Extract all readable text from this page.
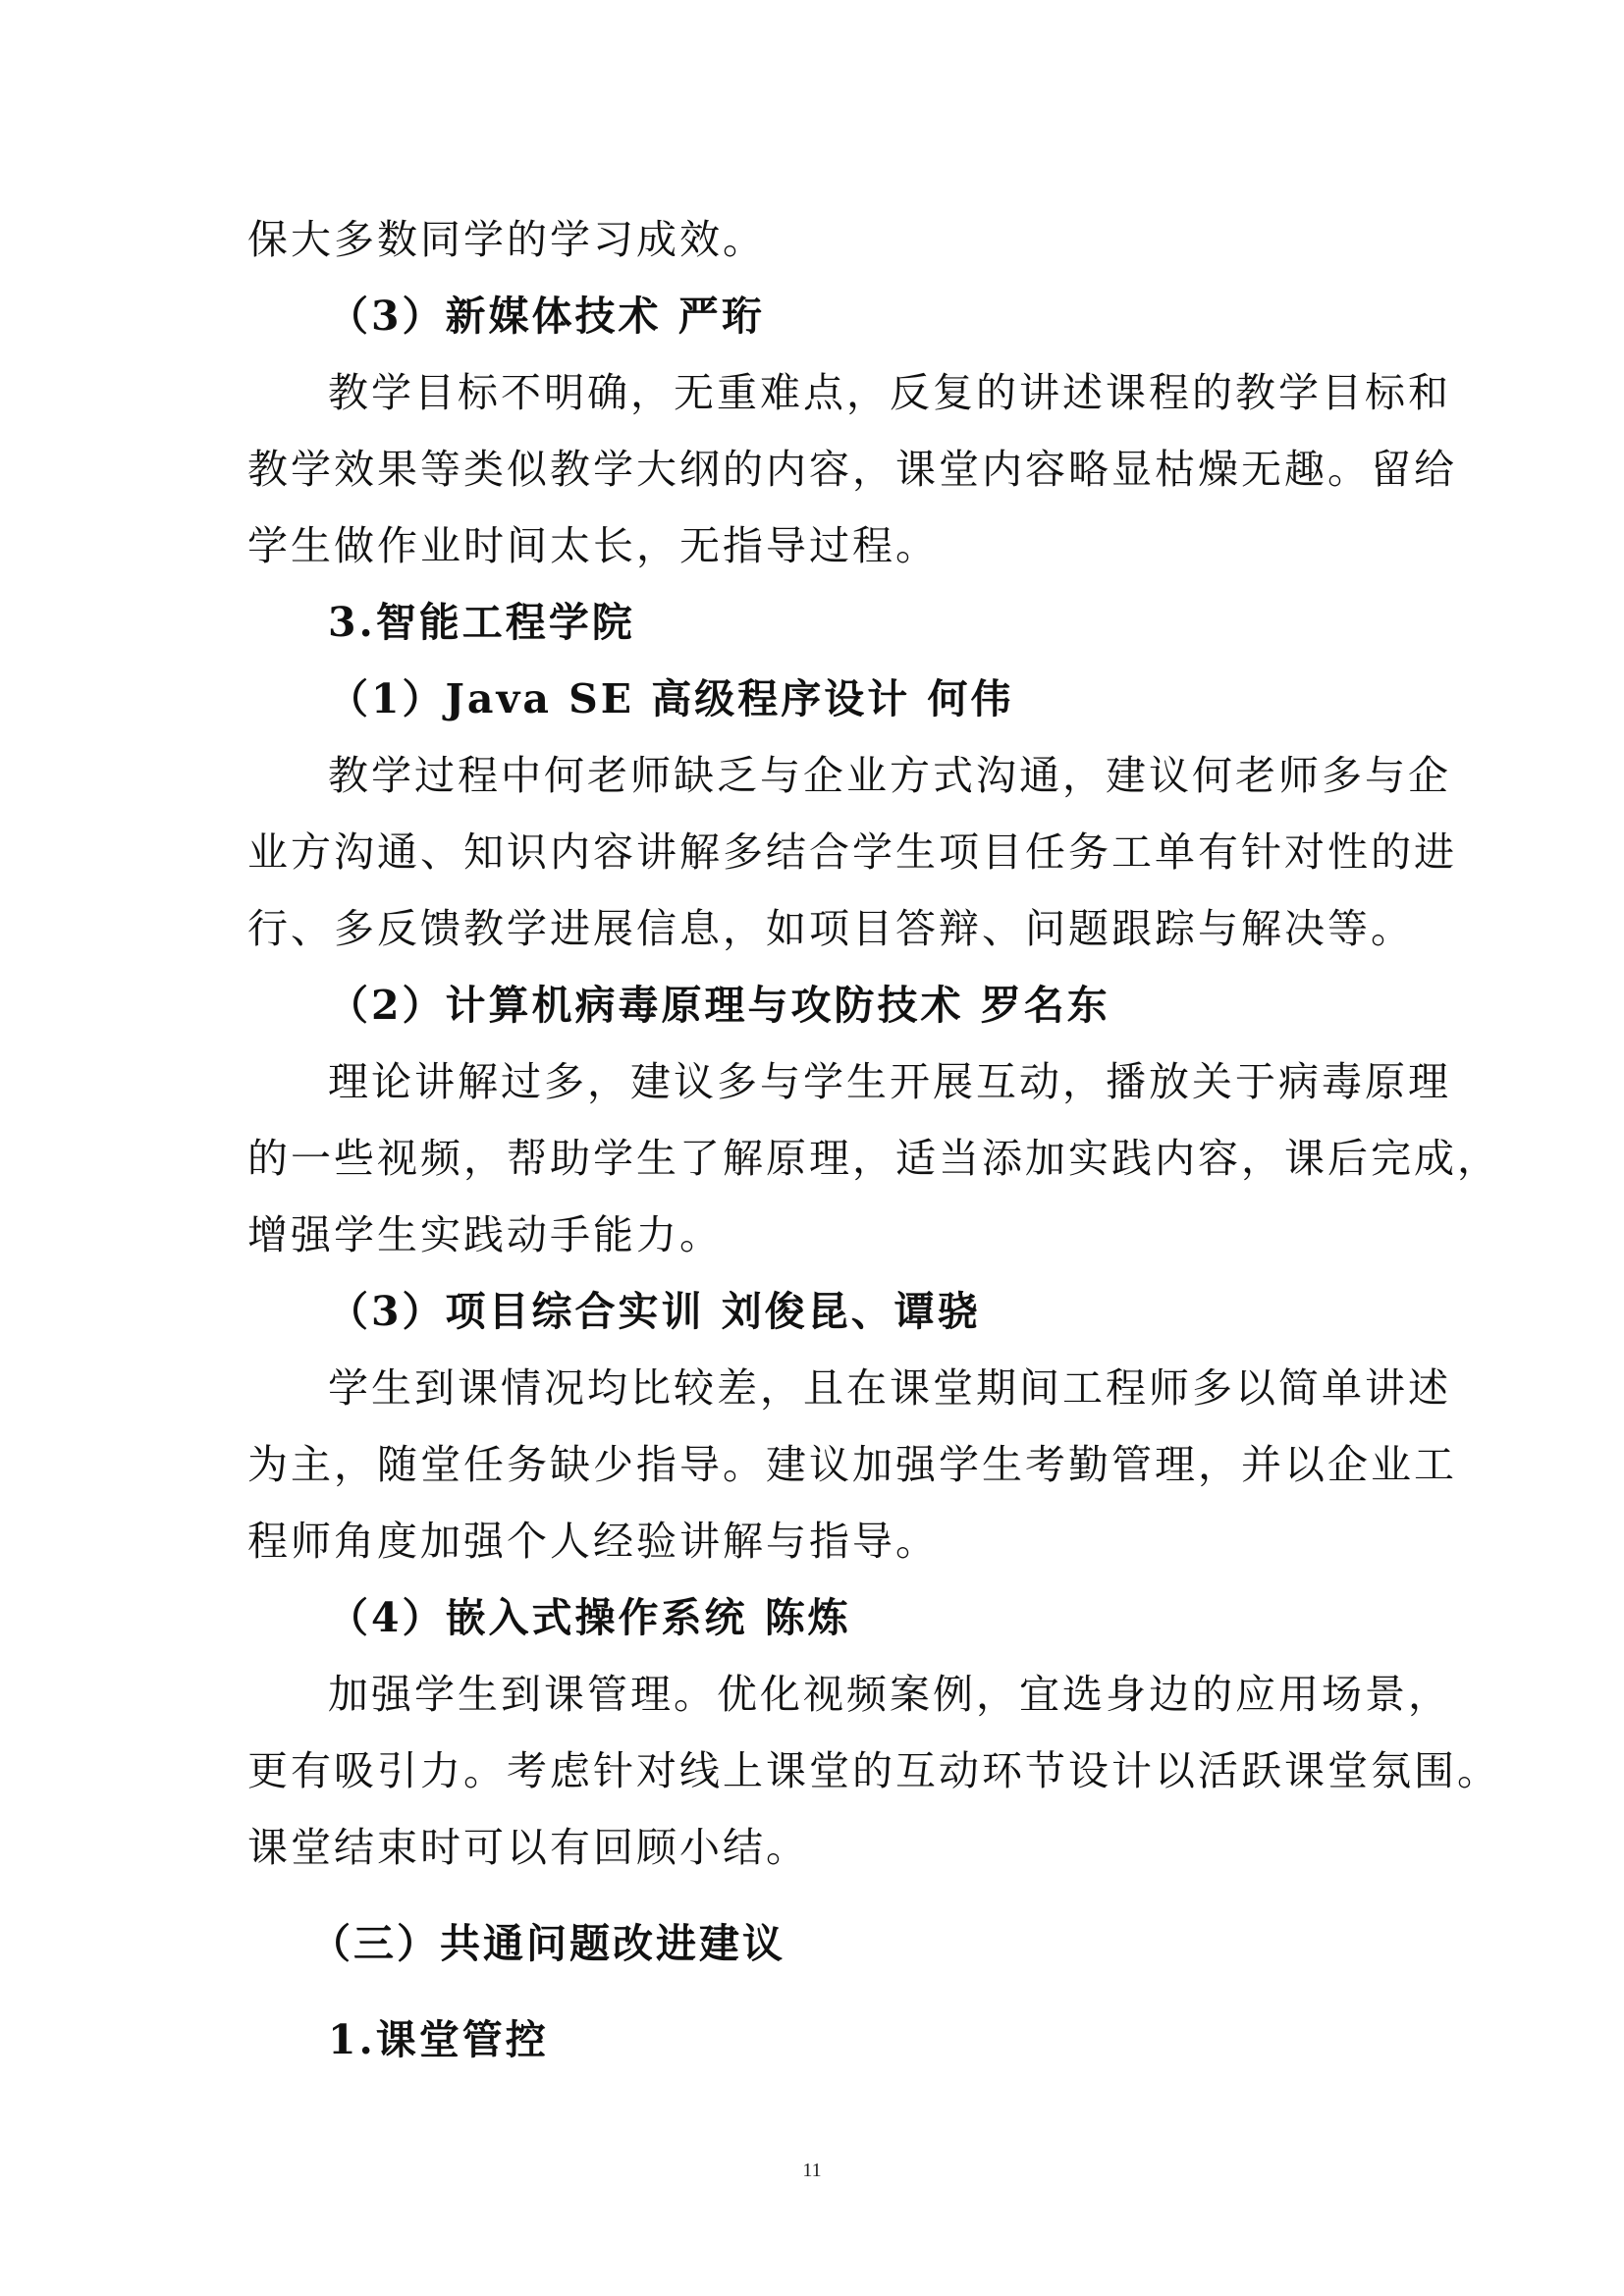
保大多数同学的学习成效。
（3）新媒体技术 严珩
教学目标不明确，无重难点，反复的讲述课程的教学目标和
教学效果等类似教学大纲的内容，课堂内容略显枯燥无趣。留给
学生做作业时间太长，无指导过程。
3.智能工程学院
（1）Java SE 高级程序设计 何伟
教学过程中何老师缺乏与企业方式沟通，建议何老师多与企
业方沟通、知识内容讲解多结合学生项目任务工单有针对性的进
行、多反馈教学进展信息，如项目答辩、问题跟踪与解决等。
（2）计算机病毒原理与攻防技术 罗名东
理论讲解过多，建议多与学生开展互动，播放关于病毒原理
的一些视频，帮助学生了解原理，适当添加实践内容，课后完成，
增强学生实践动手能力。
（3）项目综合实训 刘俊昆、谭骁
学生到课情况均比较差，且在课堂期间工程师多以简单讲述
为主，随堂任务缺少指导。建议加强学生考勤管理，并以企业工
程师角度加强个人经验讲解与指导。
（4）嵌入式操作系统 陈炼
加强学生到课管理。优化视频案例，宜选身边的应用场景，
更有吸引力。考虑针对线上课堂的互动环节设计以活跃课堂氛围。
课堂结束时可以有回顾小结。
（三）共通问题改进建议
1.课堂管控
11
